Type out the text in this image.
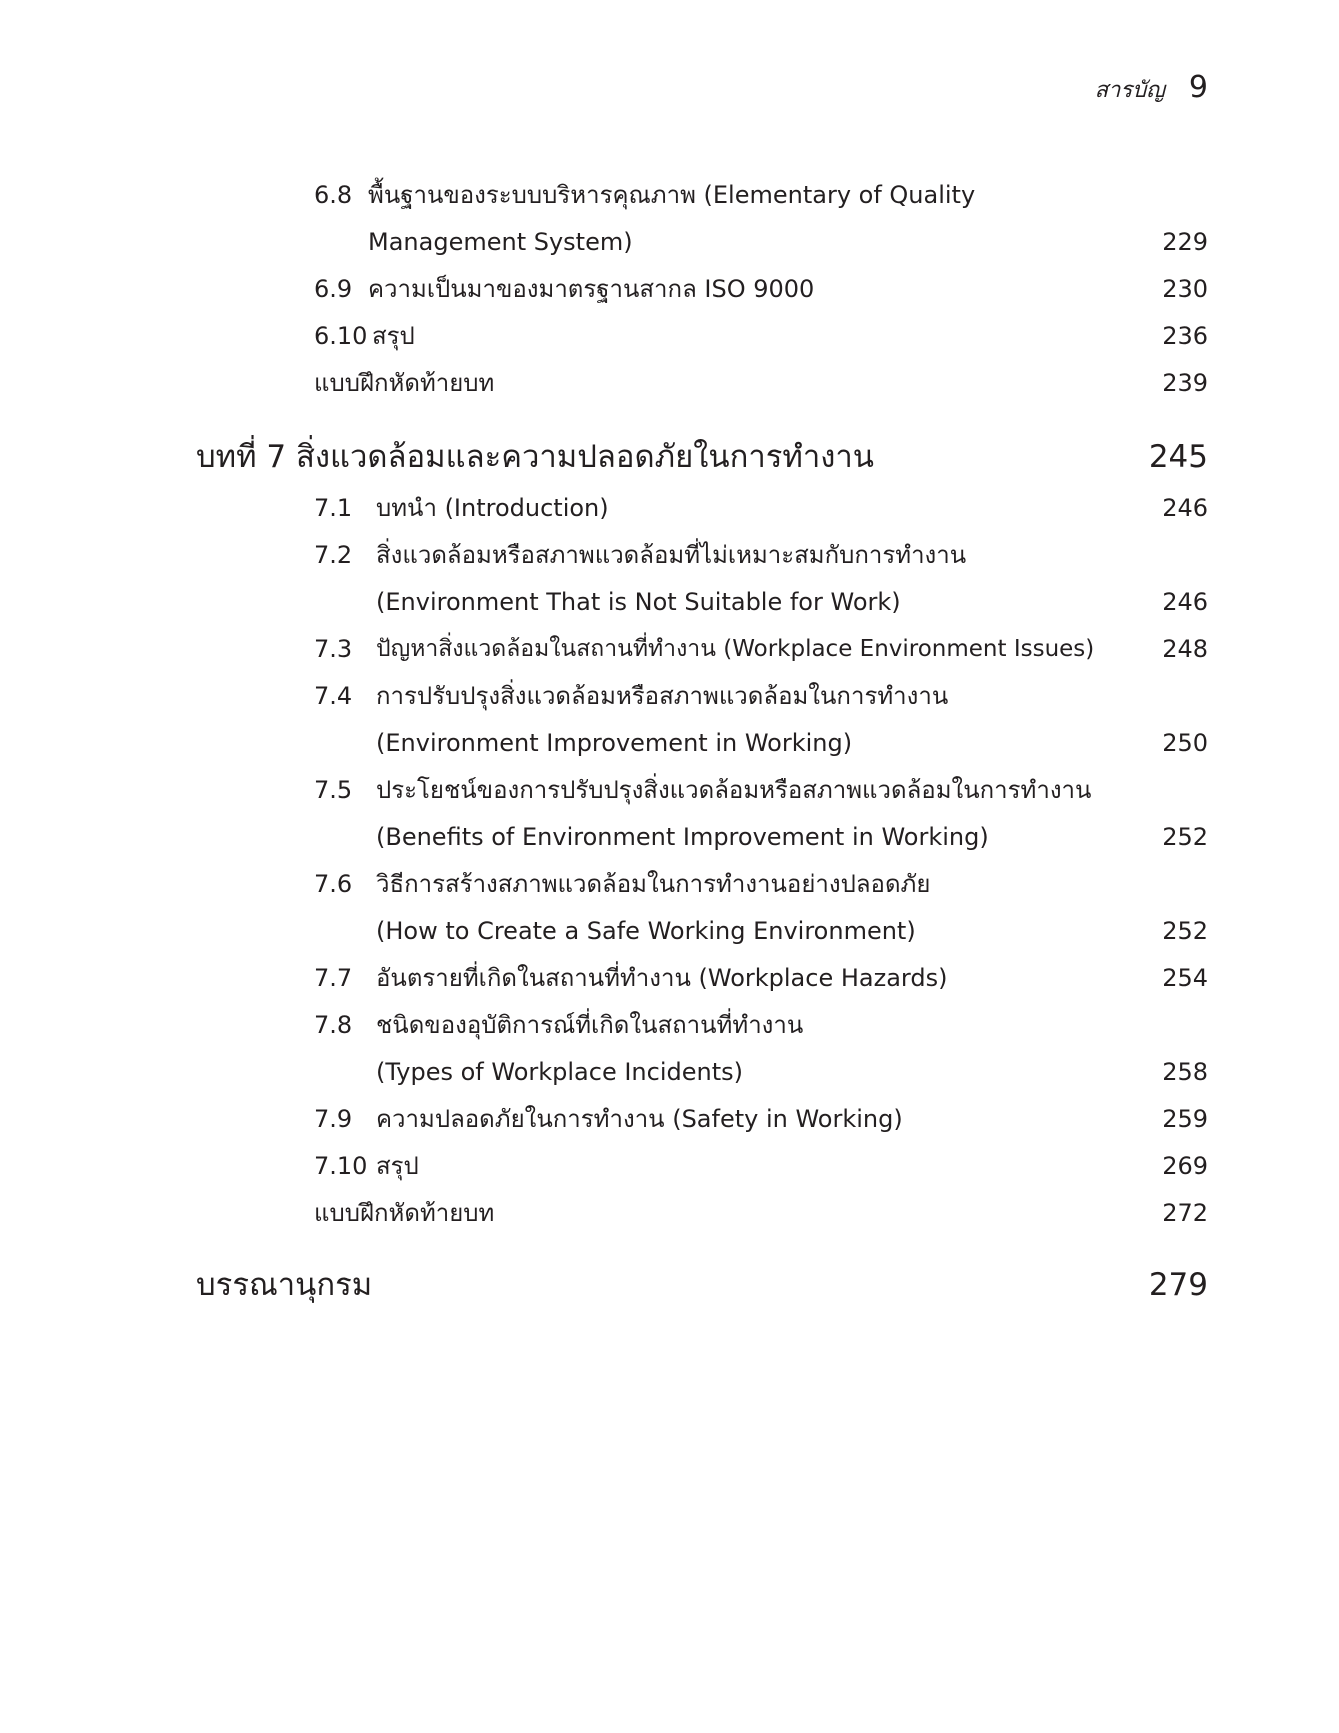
สารบัญ 9
6.8 พื้นฐานของระบบบริหารคุณภาพ (Elementary of Quality
Management System)	229
6.9 ความเป็นมาของมาตรฐานสากล ISO 9000	230
6.10 สรุป	236
แบบฝึกหัดท้ายบท	239
บทที่ 7 สิ่งแวดล้อมและความปลอดภัยในการทำงาน	245
7.1 บทนำ (Introduction)	246
7.2 สิ่งแวดล้อมหรือสภาพแวดล้อมที่ไม่เหมาะสมกับการทำงาน
(Environment That is Not Suitable for Work)	246
7.3 ปัญหาสิ่งแวดล้อมในสถานที่ทำงาน (Workplace Environment Issues)	248
7.4 การปรับปรุงสิ่งแวดล้อมหรือสภาพแวดล้อมในการทำงาน
(Environment Improvement in Working)	250
7.5 ประโยชน์ของการปรับปรุงสิ่งแวดล้อมหรือสภาพแวดล้อมในการทำงาน
(Benefits of Environment Improvement in Working)	252
7.6 วิธีการสร้างสภาพแวดล้อมในการทำงานอย่างปลอดภัย
(How to Create a Safe Working Environment)	252
7.7 อันตรายที่เกิดในสถานที่ทำงาน (Workplace Hazards)	254
7.8 ชนิดของอุบัติการณ์ที่เกิดในสถานที่ทำงาน
(Types of Workplace Incidents)	258
7.9 ความปลอดภัยในการทำงาน (Safety in Working)	259
7.10 สรุป	269
แบบฝึกหัดท้ายบท	272
บรรณานุกรม	279
